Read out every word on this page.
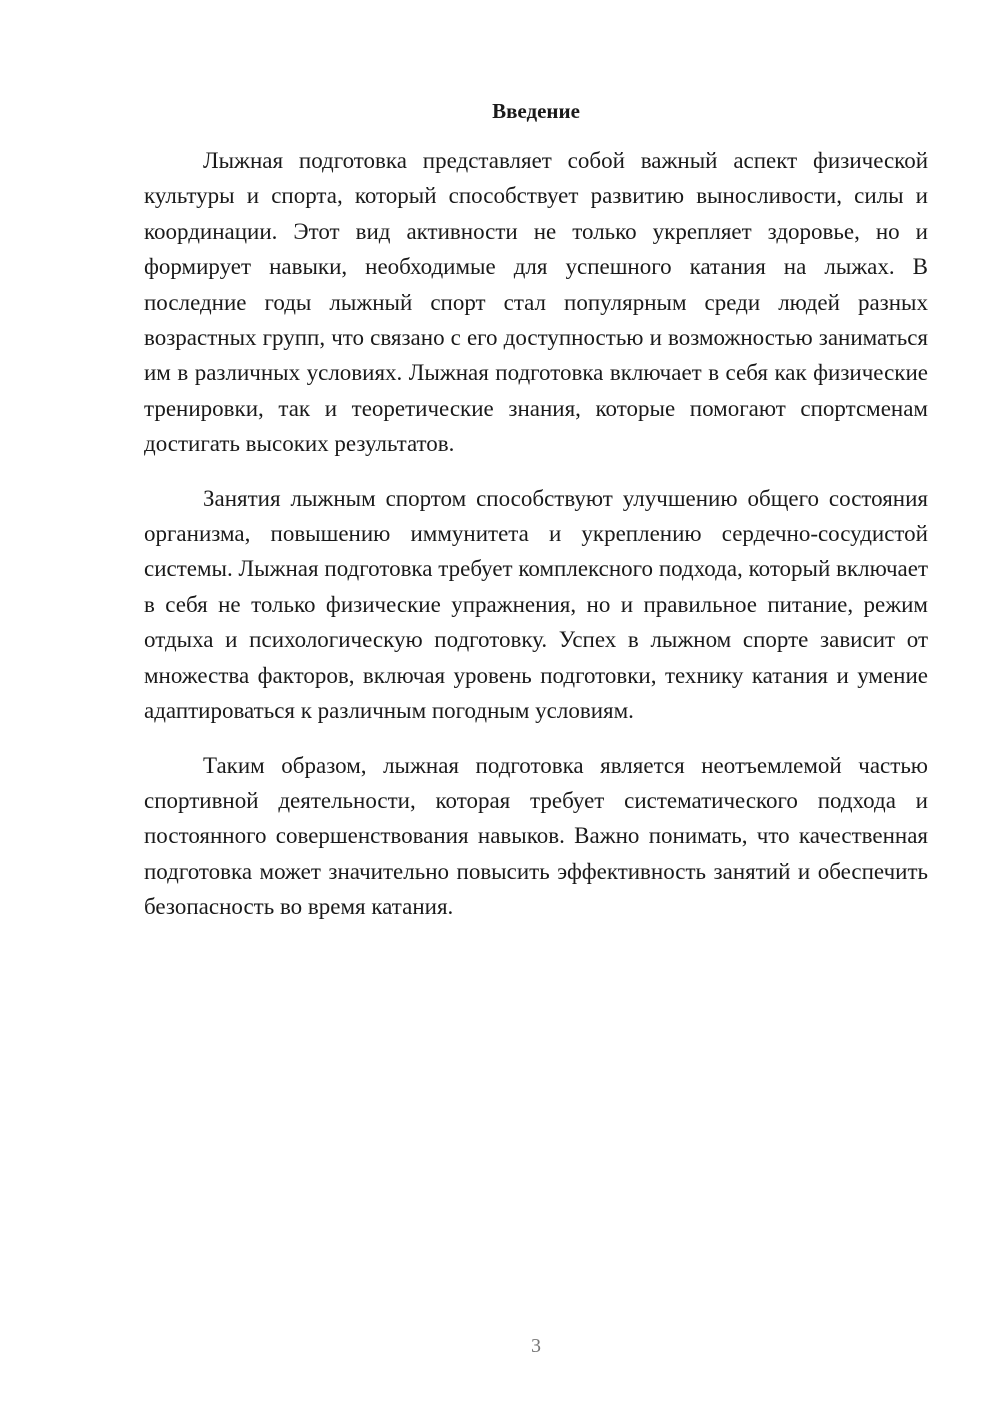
Введение

Лыжная подготовка представляет собой важный аспект физической культуры и спорта, который способствует развитию выносливости, силы и координации. Этот вид активности не только укрепляет здоровье, но и формирует навыки, необходимые для успешного катания на лыжах. В последние годы лыжный спорт стал популярным среди людей разных возрастных групп, что связано с его доступностью и возможностью заниматься им в различных условиях. Лыжная подготовка включает в себя как физические тренировки, так и теоретические знания, которые помогают спортсменам достигать высоких результатов.

Занятия лыжным спортом способствуют улучшению общего состояния организма, повышению иммунитета и укреплению сердечно-сосудистой системы. Лыжная подготовка требует комплексного подхода, который включает в себя не только физические упражнения, но и правильное питание, режим отдыха и психологическую подготовку. Успех в лыжном спорте зависит от множества факторов, включая уровень подготовки, технику катания и умение адаптироваться к различным погодным условиям.

Таким образом, лыжная подготовка является неотъемлемой частью спортивной деятельности, которая требует систематического подхода и постоянного совершенствования навыков. Важно понимать, что качественная подготовка может значительно повысить эффективность занятий и обеспечить безопасность во время катания.

3
